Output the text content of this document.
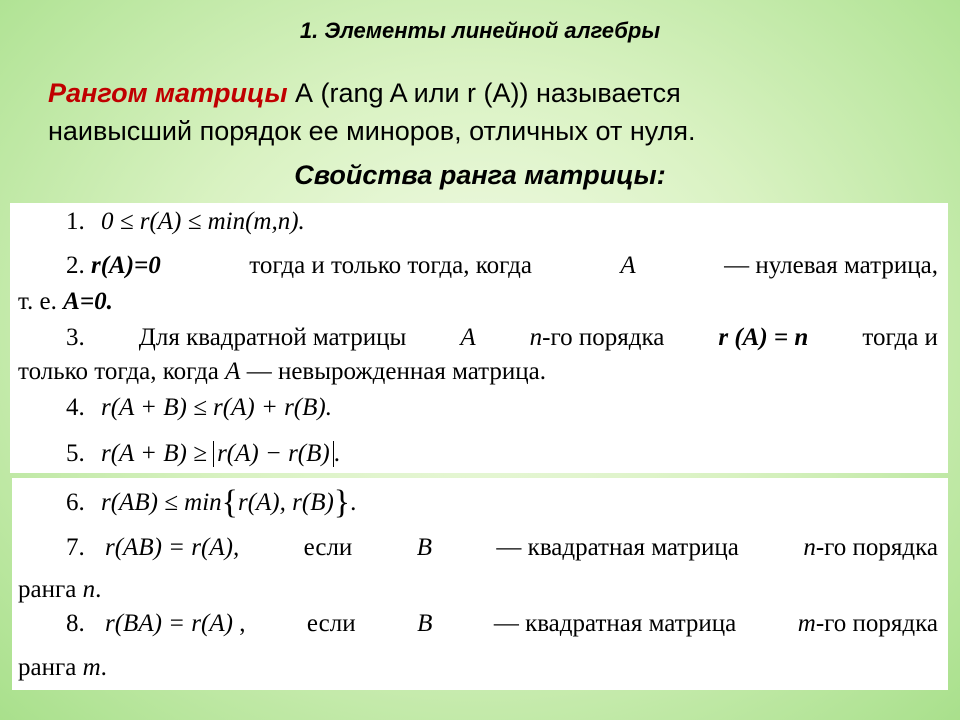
1. Элементы линейной алгебры
Рангом матрицы А (rang A или r (A)) называется
наивысший порядок ее миноров, отличных от нуля.
Свойства ранга матрицы:
1. 0 ≤ r(A) ≤ min(m,n).
2. r(A)=0	тогда и только тогда, когда	A	— нулевая матрица,
т. е. A=0.
3. Для квадратной матрицы A n-го порядка r (A) = n тогда и
только тогда, когда A — невырожденная матрица.
4. r(A + B) ≤ r(A) + r(B).
5. r(A + B) ≥ r(A) − r(B) .
6. r(AB) ≤ min{r(A), r(B)}.
7. r(AB) = r(A),	если	B	— квадратная матрица	n-го порядка
ранга n.
8. r(BA) = r(A) , если B — квадратная матрица m-го порядка
ранга m.
